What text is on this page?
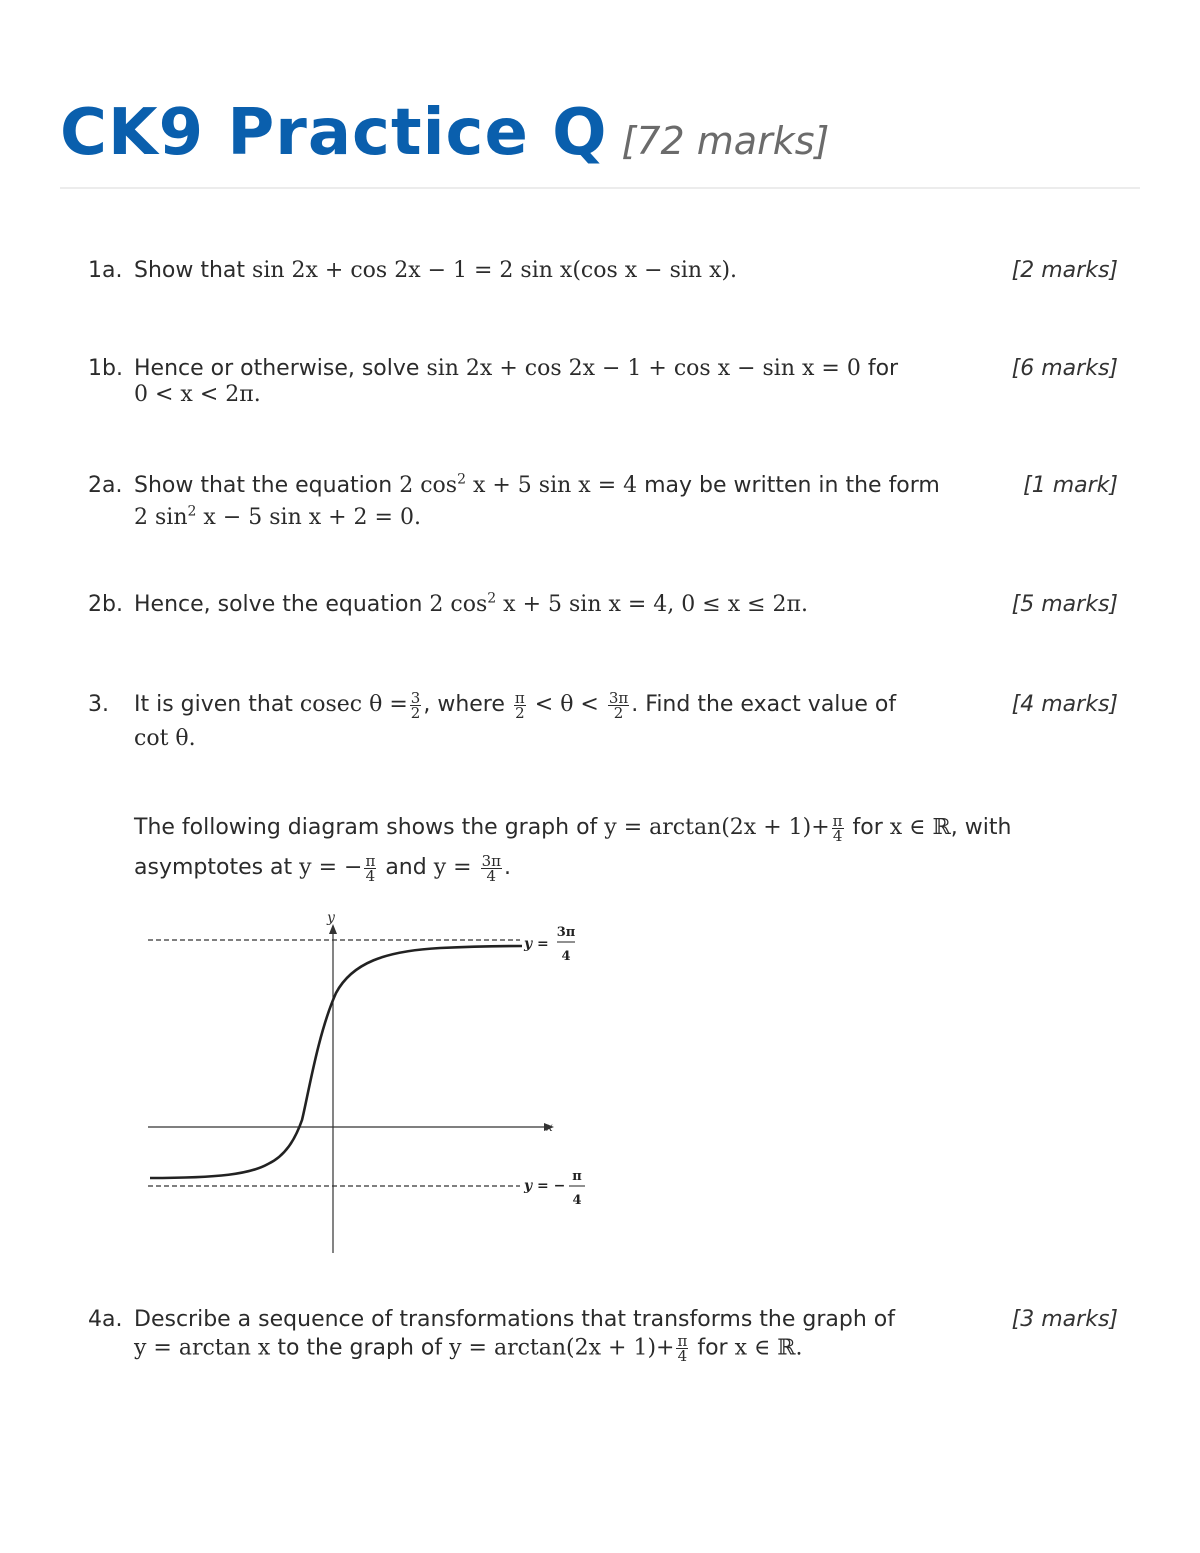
CK9 Practice Q [72 marks]
1a. Show that sin 2x + cos 2x − 1 = 2 sin x(cos x − sin x).	[2 marks]
1b. Hence or otherwise, solve sin 2x + cos 2x − 1 + cos x − sin x = 0 for
0 < x < 2π.
[6 marks]
2a. Show that the equation 2 $\cos^2 x + 5$ sin x = 4 may be written in the form
2 $\sin^2 x - 5$ sin x + 2 = 0.
[1 mark]
2b. Hence, solve the equation 2 $\cos^2 x + 5$ sin x = 4, 0 ≤ x ≤ 2π.	[5 marks]
3.	It is given that cosec $\theta = \frac{3}{2}$ , where $\frac{\pi}{2} < \theta < \frac{3\pi}{2}$ . Find the exact value of
cot θ.
[4 marks]
The following diagram shows the graph of $y = \arctan(2x + 1)+ \frac{\pi}{4}$ for x ∈ ℝ, with
asymptotes at y = − $\frac{\pi}{4}$ and $y = \frac{3\pi}{4}$ .
y
x
y =
3π
4
y = −
π
4
4a. Describe a sequence of transformations that transforms the graph of
y = arctan x to the graph of $y = \arctan(2x + 1)+ \frac{\pi}{4}$ for x ∈ ℝ.
[3 marks]
